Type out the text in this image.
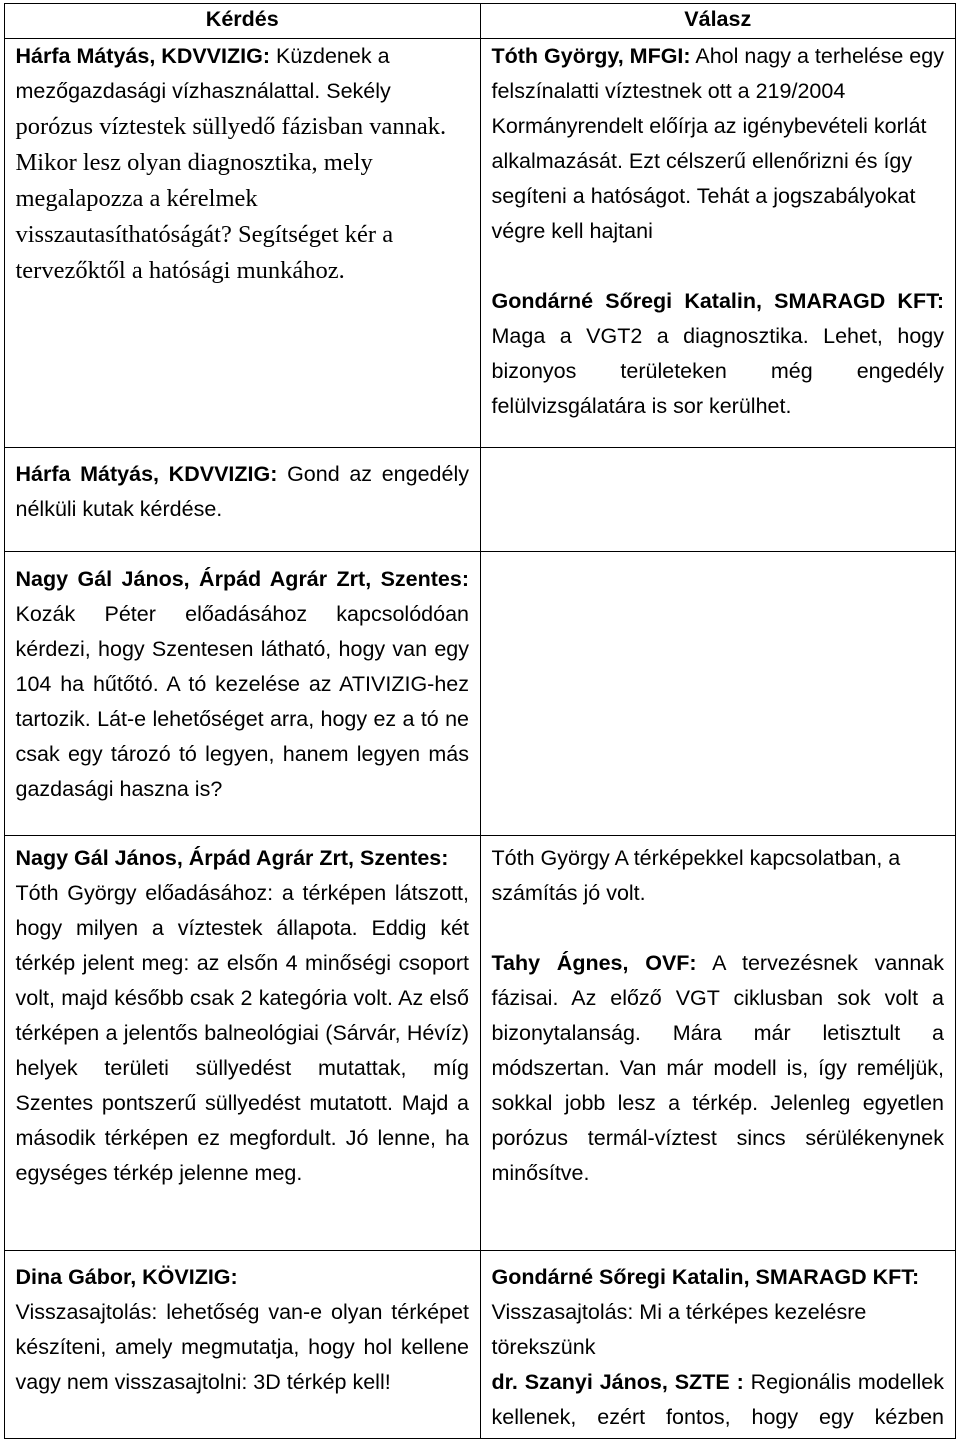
Kérdés	Válasz

Hárfa Mátyás, KDVVIZIG: Küzdenek a mezőgazdasági vízhasználattal. Sekély porózus víztestek süllyedő fázisban vannak. Mikor lesz olyan diagnosztika, mely megalapozza a kérelmek visszautasíthatóságát? Segítséget kér a tervezőktől a hatósági munkához.

Tóth György, MFGI: Ahol nagy a terhelése egy felszínalatti víztestnek ott a 219/2004 Kormányrendelt előírja az igénybevételi korlát alkalmazását. Ezt célszerű ellenőrizni és így segíteni a hatóságot. Tehát a jogszabályokat végre kell hajtani

Gondárné Sőregi Katalin, SMARAGD KFT: Maga a VGT2 a diagnosztika. Lehet, hogy bizonyos területeken még engedély felülvizsgálatára is sor kerülhet.

Hárfa Mátyás, KDVVIZIG: Gond az engedély nélküli kutak kérdése.

Nagy Gál János, Árpád Agrár Zrt, Szentes: Kozák Péter előadásához kapcsolódóan kérdezi, hogy Szentesen látható, hogy van egy 104 ha hűtőtó. A tó kezelése az ATIVIZIG-hez tartozik. Lát-e lehetőséget arra, hogy ez a tó ne csak egy tározó tó legyen, hanem legyen más gazdasági haszna is?

Nagy Gál János, Árpád Agrár Zrt, Szentes:

Tóth György előadásához: a térképen látszott, hogy milyen a víztestek állapota. Eddig két térkép jelent meg: az elsőn 4 minőségi csoport volt, majd később csak 2 kategória volt. Az első térképen a jelentős balneológiai (Sárvár, Hévíz) helyek területi süllyedést mutattak, míg Szentes pontszerű süllyedést mutatott. Majd a második térképen ez megfordult. Jó lenne, ha egységes térkép jelenne meg.

Tóth György A térképekkel kapcsolatban, a számítás jó volt.

Tahy Ágnes, OVF: A tervezésnek vannak fázisai. Az előző VGT ciklusban sok volt a bizonytalanság. Mára már letisztult a módszertan. Van már modell is, így reméljük, sokkal jobb lesz a térkép. Jelenleg egyetlen porózus termál-víztest sincs sérülékenynek minősítve.

Dina Gábor, KÖVIZIG:

Visszasajtolás: lehetőség van-e olyan térképet készíteni, amely megmutatja, hogy hol kellene vagy nem visszasajtolni: 3D térkép kell!

Gondárné Sőregi Katalin, SMARAGD KFT:

Visszasajtolás: Mi a térképes kezelésre törekszünk

dr. Szanyi János, SZTE : Regionális modellek kellenek, ezért fontos, hogy egy kézben
